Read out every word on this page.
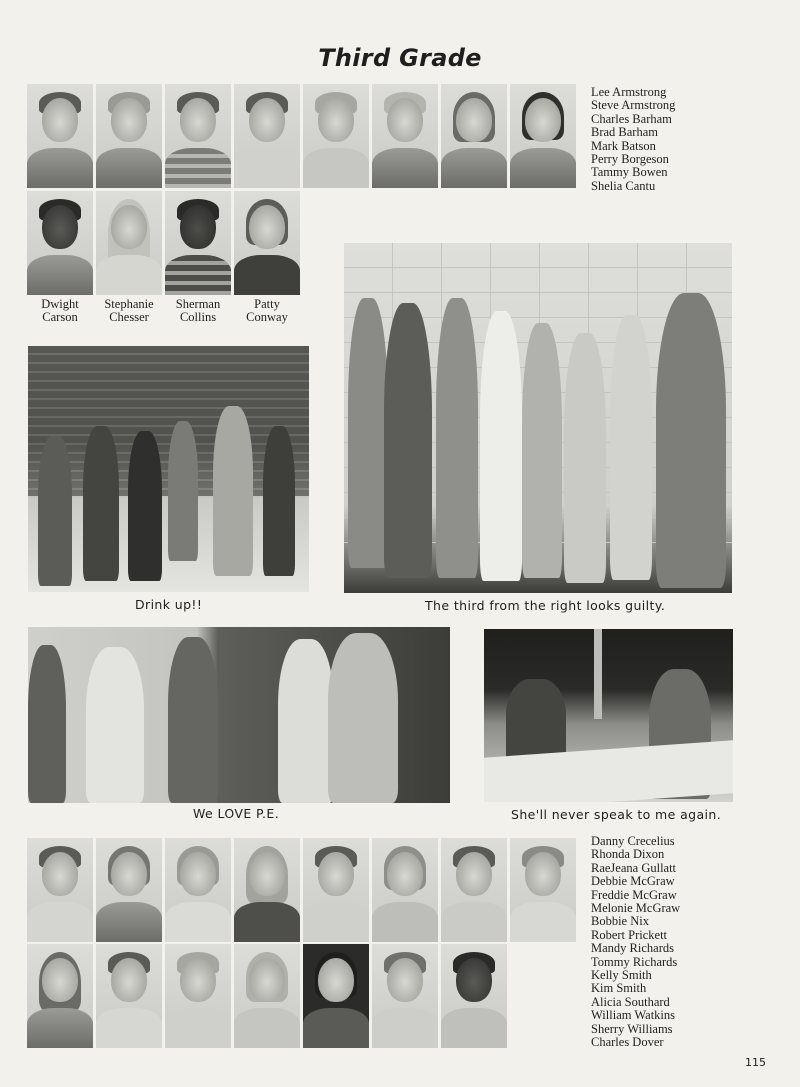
Third Grade
Lee Armstrong
Steve Armstrong
Charles Barham
Brad Barham
Mark Batson
Perry Borgeson
Tammy Bowen
Shelia Cantu
Dwight
Carson
Stephanie
Chesser
Sherman
Collins
Patty
Conway
Drink up!!	The third from the right looks guilty.
We LOVE P.E.	She'll never speak to me again.
Danny Crecelius
Rhonda Dixon
RaeJeana Gullatt
Debbie McGraw
Freddie McGraw
Melonie McGraw
Bobbie Nix
Robert Prickett
Mandy Richards
Tommy Richards
Kelly Smith
Kim Smith
Alicia Southard
William Watkins
Sherry Williams
Charles Dover
115
